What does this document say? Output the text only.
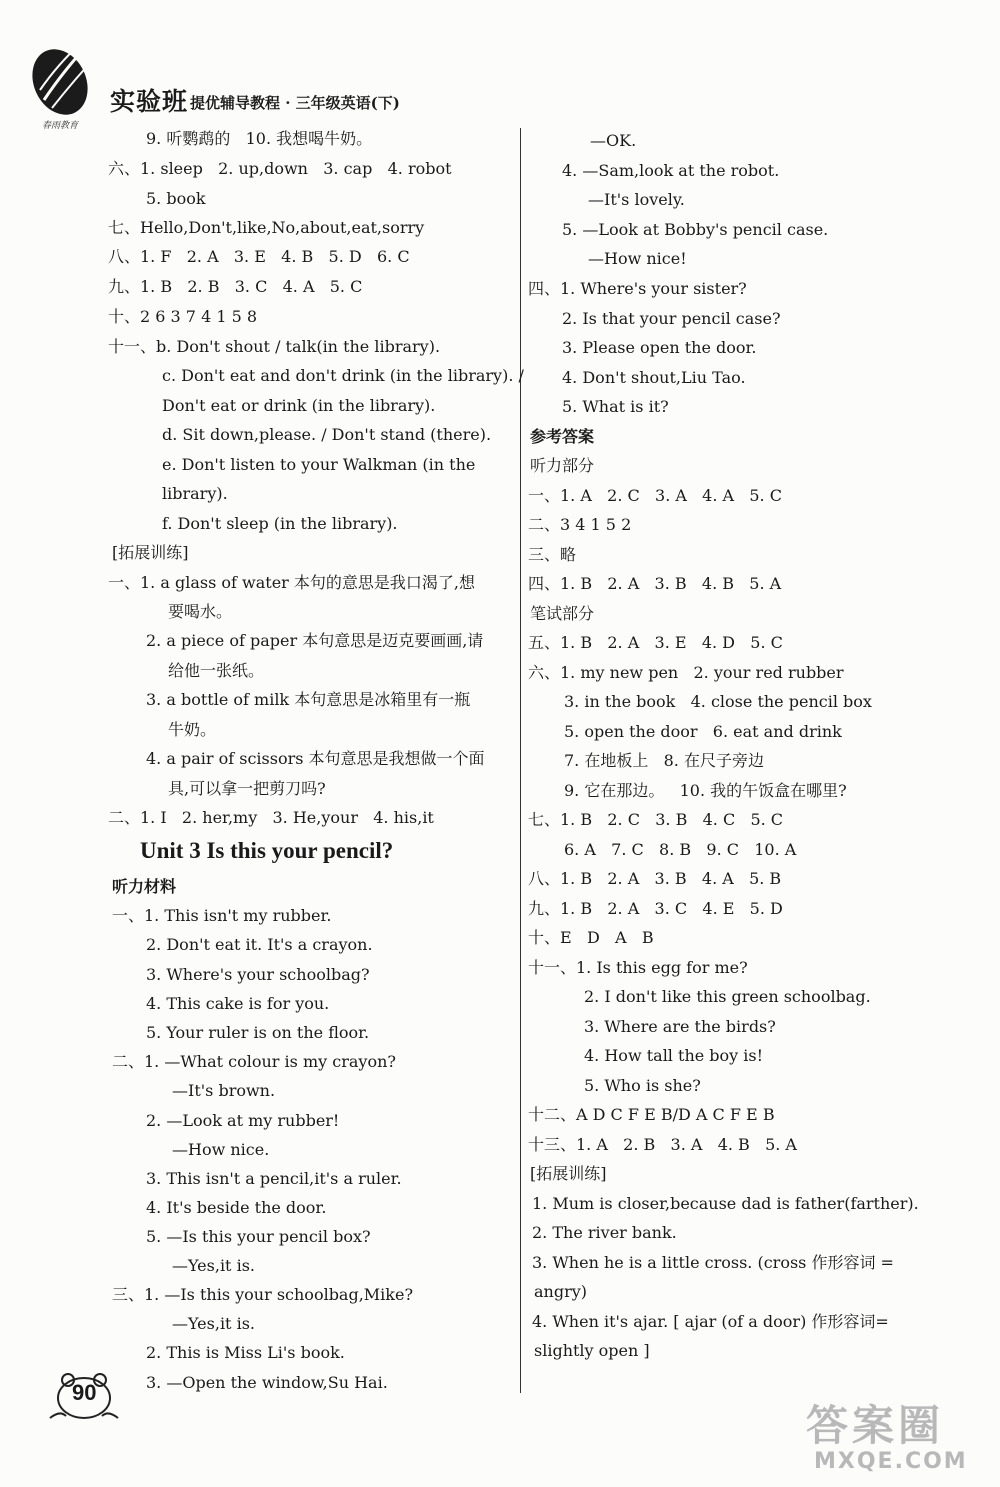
春雨教育
实验班 提优辅导教程 · 三年级英语(下)
9. 听鹦鹉的   10. 我想喝牛奶。
六、1. sleep   2. up,down   3. cap   4. robot
5. book
七、Hello,Don't,like,No,about,eat,sorry
八、1. F   2. A   3. E   4. B   5. D   6. C
九、1. B   2. B   3. C   4. A   5. C
十、2 6 3 7 4 1 5 8
十一、b. Don't shout / talk(in the library).
c. Don't eat and don't drink (in the library). /
Don't eat or drink (in the library).
d. Sit down,please. / Don't stand (there).
e. Don't listen to your Walkman (in the
library).
f. Don't sleep (in the library).
[拓展训练]
一、1. a glass of water 本句的意思是我口渴了,想
要喝水。
2. a piece of paper 本句意思是迈克要画画,请
给他一张纸。
3. a bottle of milk 本句意思是冰箱里有一瓶
牛奶。
4. a pair of scissors 本句意思是我想做一个面
具,可以拿一把剪刀吗?
二、1. I   2. her,my   3. He,your   4. his,it
听力材料
一、1. This isn't my rubber.
2. Don't eat it. It's a crayon.
3. Where's your schoolbag?
4. This cake is for you.
5. Your ruler is on the floor.
二、1. —What colour is my crayon?
—It's brown.
2. —Look at my rubber!
—How nice.
3. This isn't a pencil,it's a ruler.
4. It's beside the door.
5. —Is this your pencil box?
—Yes,it is.
三、1. —Is this your schoolbag,Mike?
—Yes,it is.
2. This is Miss Li's book.
3. —Open the window,Su Hai.
Unit 3 Is this your pencil?
—OK.
4. —Sam,look at the robot.
—It's lovely.
5. —Look at Bobby's pencil case.
—How nice!
四、1. Where's your sister?
2. Is that your pencil case?
3. Please open the door.
4. Don't shout,Liu Tao.
5. What is it?
参考答案
听力部分
一、1. A   2. C   3. A   4. A   5. C
二、3 4 1 5 2
三、略
四、1. B   2. A   3. B   4. B   5. A
笔试部分
五、1. B   2. A   3. E   4. D   5. C
六、1. my new pen   2. your red rubber
3. in the book   4. close the pencil box
5. open the door   6. eat and drink
7. 在地板上   8. 在尺子旁边
9. 它在那边。   10. 我的午饭盒在哪里?
七、1. B   2. C   3. B   4. C   5. C
6. A   7. C   8. B   9. C   10. A
八、1. B   2. A   3. B   4. A   5. B
九、1. B   2. A   3. C   4. E   5. D
十、E   D   A   B
十一、1. Is this egg for me?
2. I don't like this green schoolbag.
3. Where are the birds?
4. How tall the boy is!
5. Who is she?
十二、A D C F E B/D A C F E B
十三、1. A   2. B   3. A   4. B   5. A
[拓展训练]
1. Mum is closer,because dad is father(farther).
2. The river bank.
3. When he is a little cross. (cross 作形容词 =
angry)
4. When it's ajar. [ ajar (of a door) 作形容词=
slightly open ]
90
答案圈
MXQE.COM
